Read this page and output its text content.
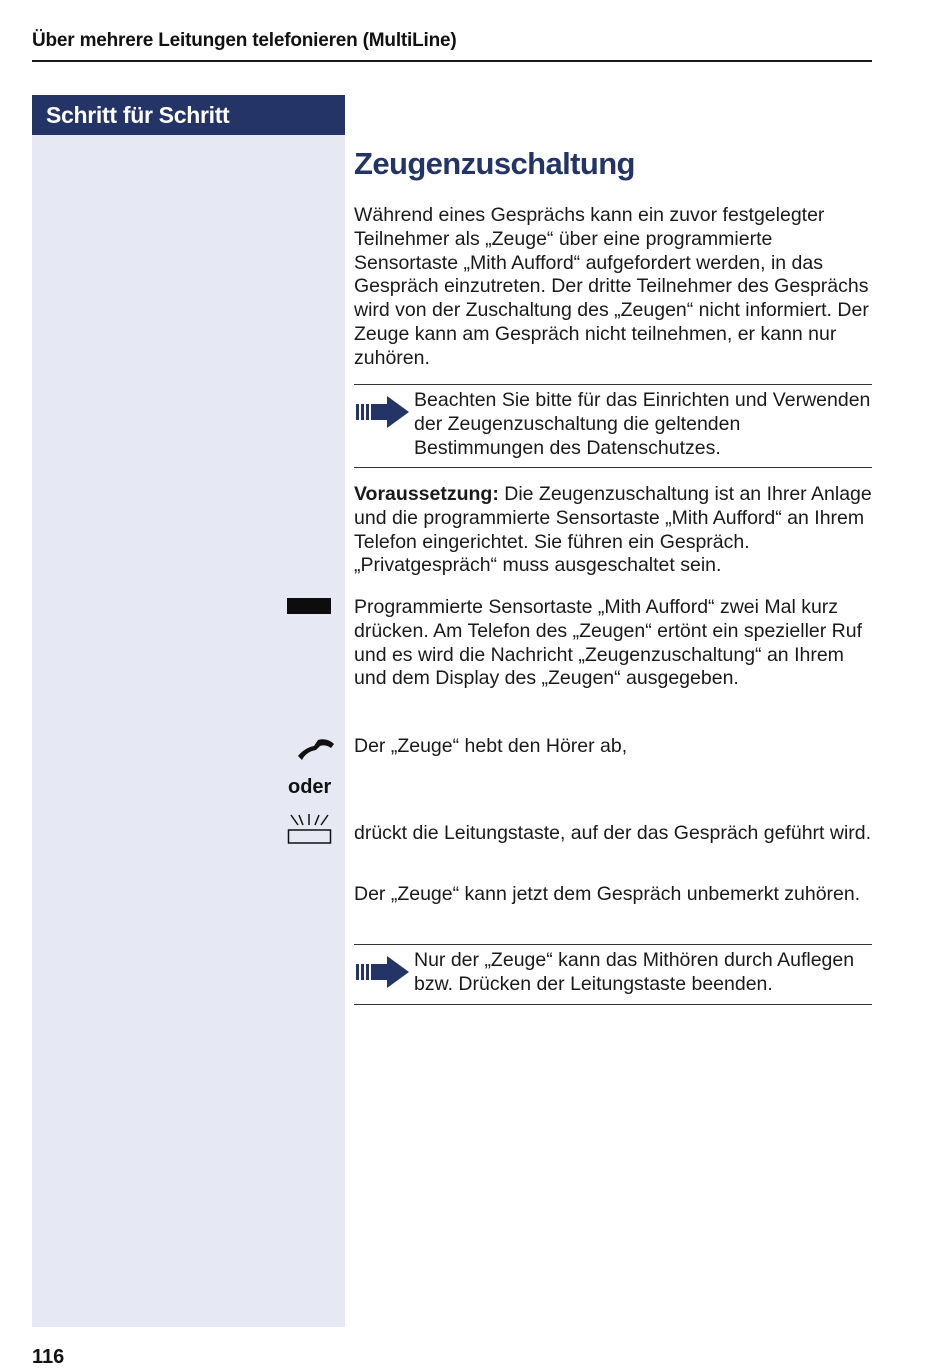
Über mehrere Leitungen telefonieren (MultiLine)
Schritt für Schritt
Zeugenzuschaltung
Während eines Gesprächs kann ein zuvor festgelegter Teilnehmer als „Zeuge“ über eine programmierte Sensortaste „Mith Aufford“ aufgefordert werden, in das Gespräch einzutreten. Der dritte Teilnehmer des Gesprächs wird von der Zuschaltung des „Zeugen“ nicht informiert. Der Zeuge kann am Gespräch nicht teilnehmen, er kann nur zuhören.
Beachten Sie bitte für das Einrichten und Verwenden der Zeugenzuschaltung die geltenden Bestimmungen des Datenschutzes.
Voraussetzung: Die Zeugenzuschaltung ist an Ihrer Anlage und die programmierte Sensortaste „Mith Aufford“ an Ihrem Telefon eingerichtet. Sie führen ein Gespräch. „Privatgespräch“ muss ausgeschaltet sein.
Programmierte Sensortaste „Mith Aufford“ zwei Mal kurz drücken. Am Telefon des „Zeugen“ ertönt ein spezieller Ruf und es wird die Nachricht „Zeugenzuschaltung“ an Ihrem und dem Display des „Zeugen“ ausgegeben.
Der „Zeuge“ hebt den Hörer ab,
oder
drückt die Leitungstaste, auf der das Gespräch geführt wird.
Der „Zeuge“ kann jetzt dem Gespräch unbemerkt zuhören.
Nur der „Zeuge“ kann das Mithören durch Auflegen bzw. Drücken der Leitungstaste beenden.
116
